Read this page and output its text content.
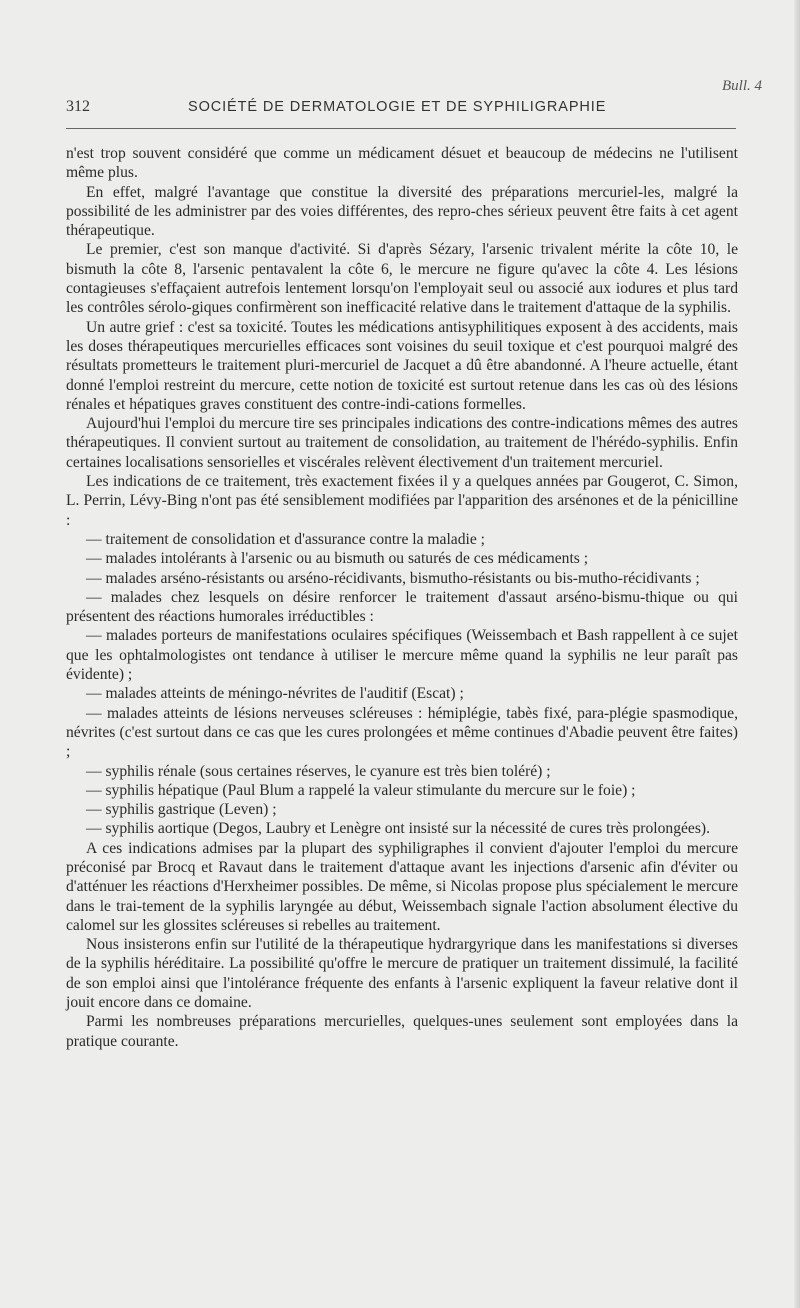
Bull. 4
312	SOCIÉTÉ DE DERMATOLOGIE ET DE SYPHILIGRAPHIE

n'est trop souvent considéré que comme un médicament désuet et beaucoup de médecins ne l'utilisent même plus.

En effet, malgré l'avantage que constitue la diversité des préparations mercuriel-les, malgré la possibilité de les administrer par des voies différentes, des repro-ches sérieux peuvent être faits à cet agent thérapeutique.

Le premier, c'est son manque d'activité. Si d'après Sézary, l'arsenic trivalent mérite la côte 10, le bismuth la côte 8, l'arsenic pentavalent la côte 6, le mercure ne figure qu'avec la côte 4. Les lésions contagieuses s'effaçaient autrefois lentement lorsqu'on l'employait seul ou associé aux iodures et plus tard les contrôles sérolo-giques confirmèrent son inefficacité relative dans le traitement d'attaque de la syphilis.

Un autre grief : c'est sa toxicité. Toutes les médications antisyphilitiques exposent à des accidents, mais les doses thérapeutiques mercurielles efficaces sont voisines du seuil toxique et c'est pourquoi malgré des résultats prometteurs le traitement pluri-mercuriel de Jacquet a dû être abandonné. A l'heure actuelle, étant donné l'emploi restreint du mercure, cette notion de toxicité est surtout retenue dans les cas où des lésions rénales et hépatiques graves constituent des contre-indi-cations formelles.

Aujourd'hui l'emploi du mercure tire ses principales indications des contre-indications mêmes des autres thérapeutiques. Il convient surtout au traitement de consolidation, au traitement de l'hérédo-syphilis. Enfin certaines localisations sensorielles et viscérales relèvent électivement d'un traitement mercuriel.

Les indications de ce traitement, très exactement fixées il y a quelques années par Gougerot, C. Simon, L. Perrin, Lévy-Bing n'ont pas été sensiblement modifiées par l'apparition des arsénones et de la pénicilline :

— traitement de consolidation et d'assurance contre la maladie ;

— malades intolérants à l'arsenic ou au bismuth ou saturés de ces médicaments ;

— malades arséno-résistants ou arséno-récidivants, bismutho-résistants ou bis-mutho-récidivants ;

— malades chez lesquels on désire renforcer le traitement d'assaut arséno-bismu-thique ou qui présentent des réactions humorales irréductibles :

— malades porteurs de manifestations oculaires spécifiques (Weissembach et Bash rappellent à ce sujet que les ophtalmologistes ont tendance à utiliser le mercure même quand la syphilis ne leur paraît pas évidente) ;

— malades atteints de méningo-névrites de l'auditif (Escat) ;

— malades atteints de lésions nerveuses scléreuses : hémiplégie, tabès fixé, para-plégie spasmodique, névrites (c'est surtout dans ce cas que les cures prolongées et même continues d'Abadie peuvent être faites) ;

— syphilis rénale (sous certaines réserves, le cyanure est très bien toléré) ;

— syphilis hépatique (Paul Blum a rappelé la valeur stimulante du mercure sur le foie) ;

— syphilis gastrique (Leven) ;

— syphilis aortique (Degos, Laubry et Lenègre ont insisté sur la nécessité de cures très prolongées).

A ces indications admises par la plupart des syphiligraphes il convient d'ajouter l'emploi du mercure préconisé par Brocq et Ravaut dans le traitement d'attaque avant les injections d'arsenic afin d'éviter ou d'atténuer les réactions d'Herxheimer possibles. De même, si Nicolas propose plus spécialement le mercure dans le trai-tement de la syphilis laryngée au début, Weissembach signale l'action absolument élective du calomel sur les glossites scléreuses si rebelles au traitement.

Nous insisterons enfin sur l'utilité de la thérapeutique hydrargyrique dans les manifestations si diverses de la syphilis héréditaire. La possibilité qu'offre le mercure de pratiquer un traitement dissimulé, la facilité de son emploi ainsi que l'intolérance fréquente des enfants à l'arsenic expliquent la faveur relative dont il jouit encore dans ce domaine.

Parmi les nombreuses préparations mercurielles, quelques-unes seulement sont employées dans la pratique courante.
